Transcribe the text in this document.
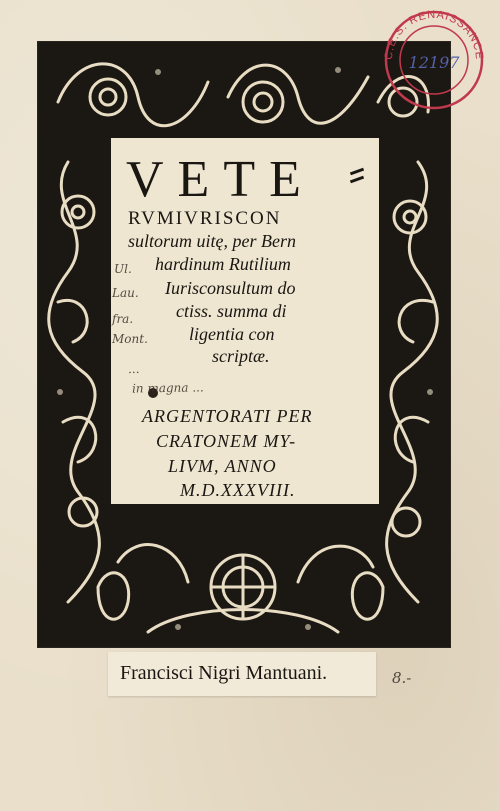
VETE
RVMIVRISCON
sultorum uitę, per Bern
hardinum Rutilium
Iurisconsultum do
ctiss. summa di
ligentia con
scriptæ.
ARGENTORATI PER
CRATONEM MY-
LIVM, ANNO
M.D.XXXVIII.
Ul.
Lau.
fra.
Mont.
...
in magna ...
Francisci Nigri Mantuani.	8.-
C.E.S. RENAISSANCE
12197
